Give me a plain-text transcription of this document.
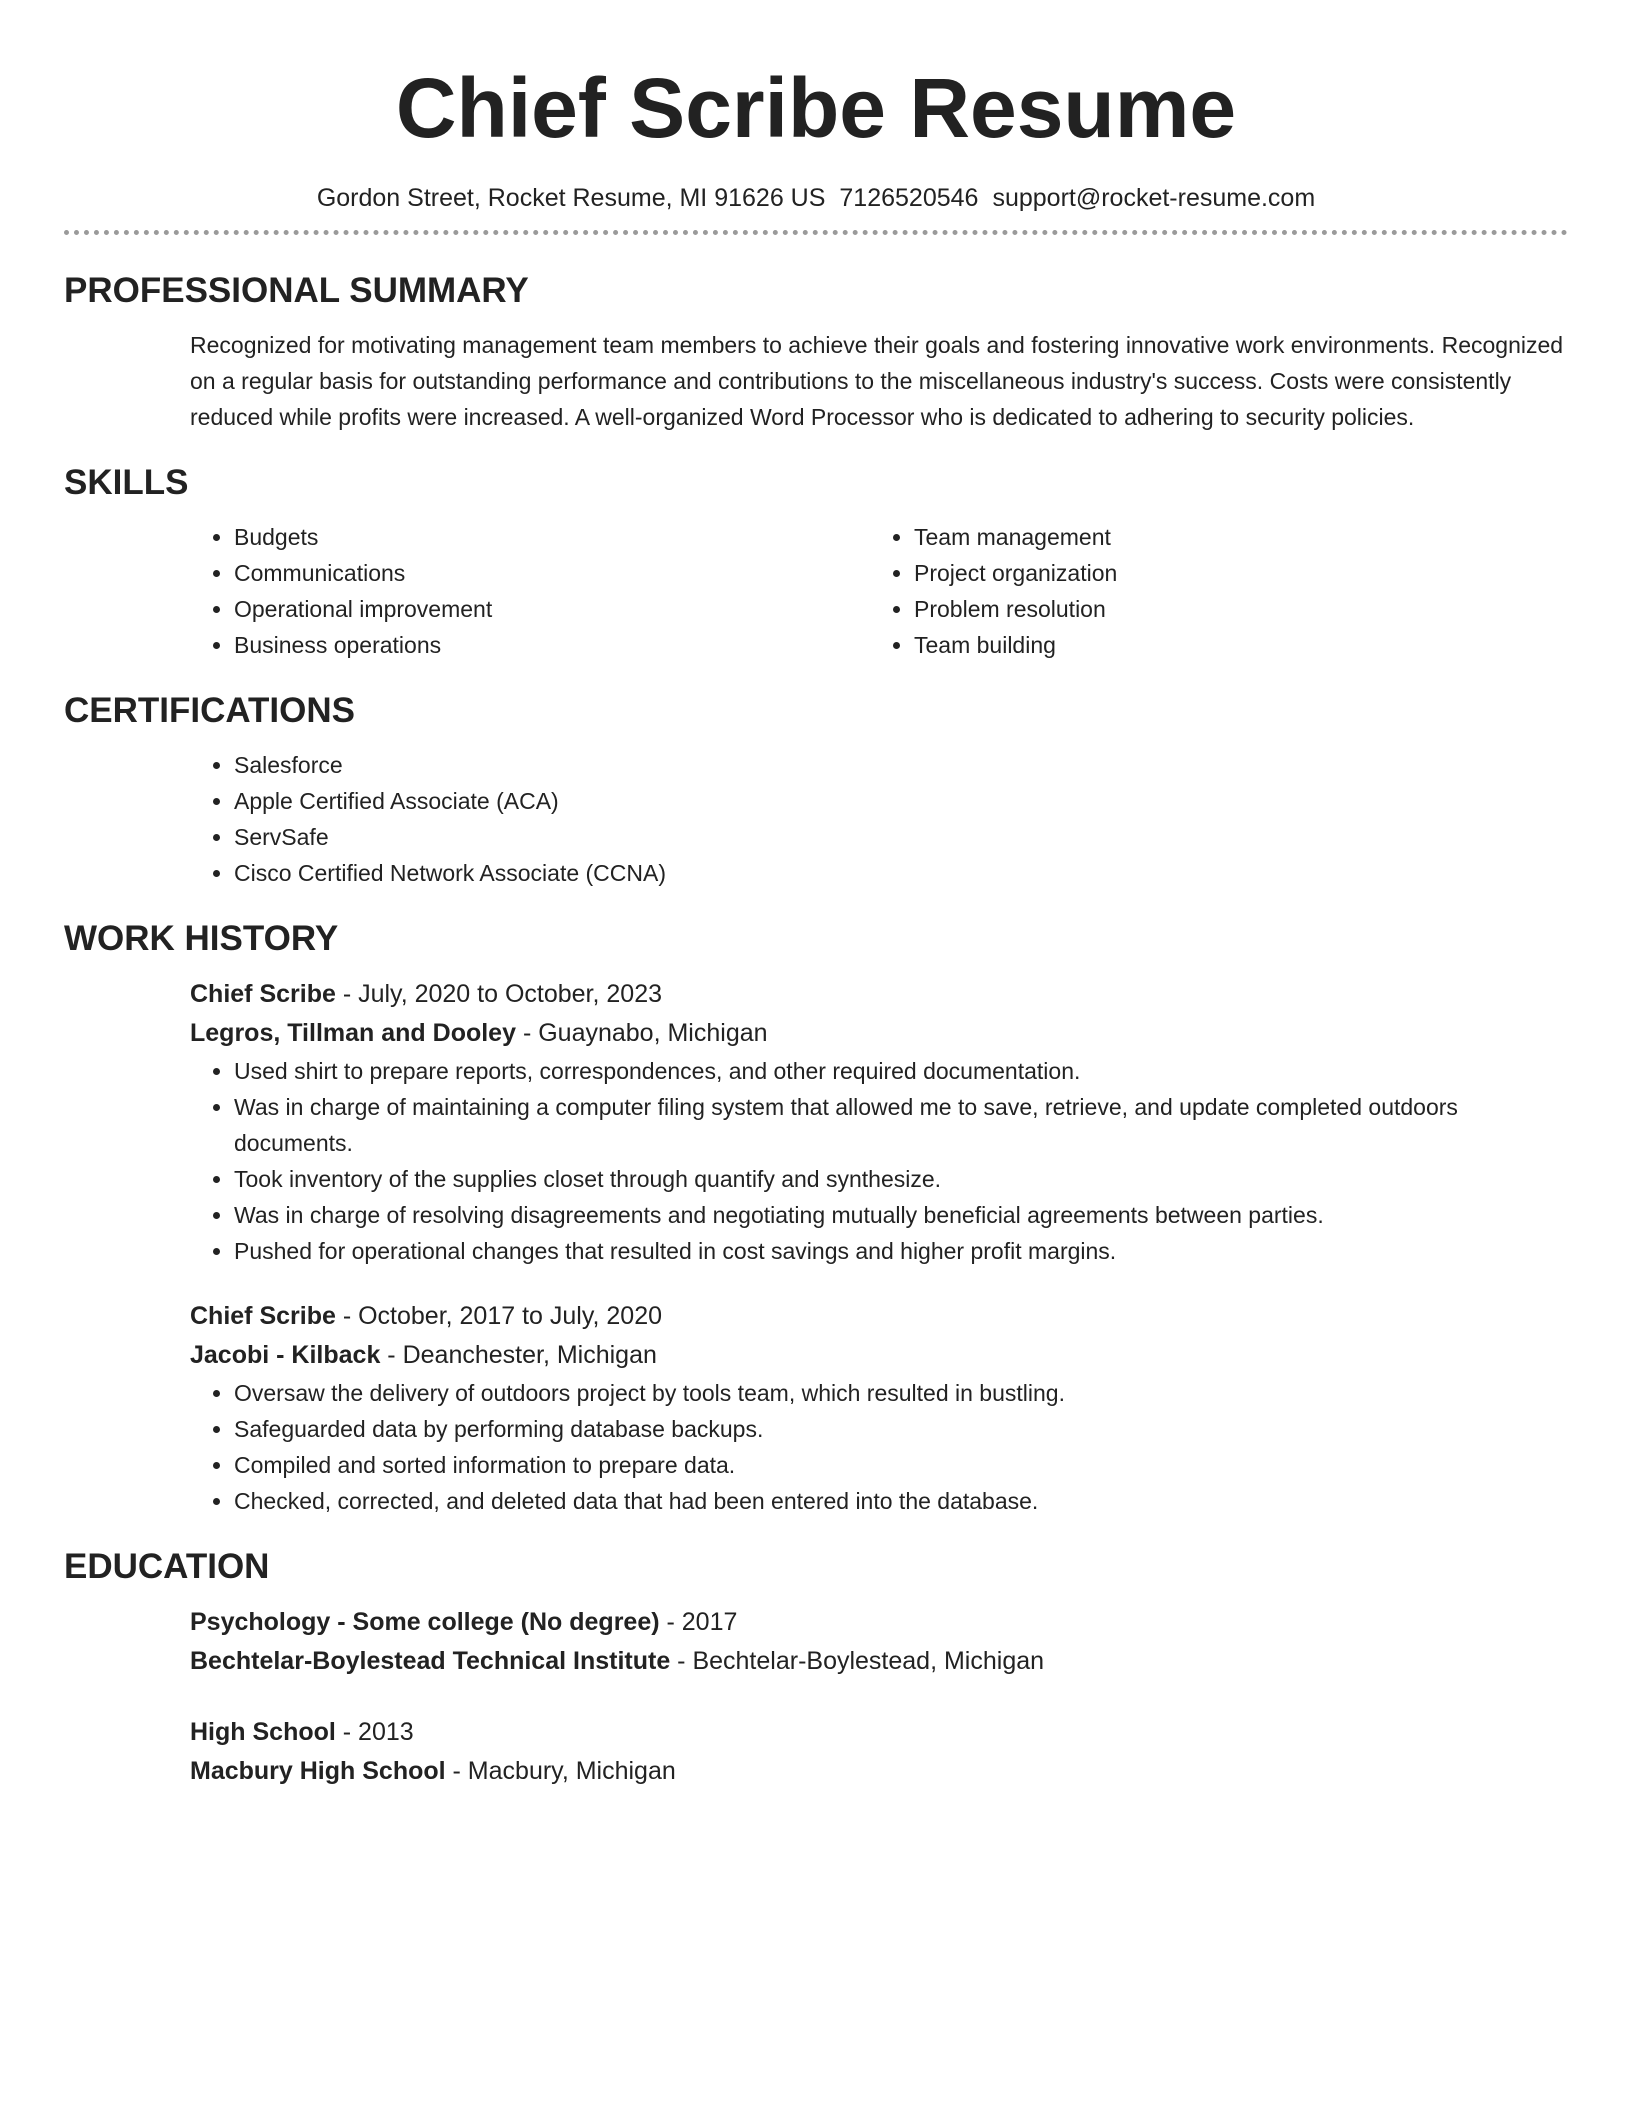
Chief Scribe Resume
Gordon Street, Rocket Resume, MI 91626 US 7126520546 support@rocket-resume.com
PROFESSIONAL SUMMARY

Recognized for motivating management team members to achieve their goals and fostering innovative work environments. Recognized on a regular basis for outstanding performance and contributions to the miscellaneous industry's success. Costs were consistently reduced while profits were increased. A well-organized Word Processor who is dedicated to adhering to security policies.

SKILLS
• Budgets
• Communications
• Operational improvement
• Business operations
• Team management
• Project organization
• Problem resolution
• Team building
CERTIFICATIONS
• Salesforce
• Apple Certified Associate (ACA)
• ServSafe
• Cisco Certified Network Associate (CCNA)
WORK HISTORY
Chief Scribe - July, 2020 to October, 2023
Legros, Tillman and Dooley - Guaynabo, Michigan
• Used shirt to prepare reports, correspondences, and other required documentation.
• Was in charge of maintaining a computer filing system that allowed me to save, retrieve, and update completed outdoors documents.
• Took inventory of the supplies closet through quantify and synthesize.
• Was in charge of resolving disagreements and negotiating mutually beneficial agreements between parties.
• Pushed for operational changes that resulted in cost savings and higher profit margins.
Chief Scribe - October, 2017 to July, 2020
Jacobi - Kilback - Deanchester, Michigan
• Oversaw the delivery of outdoors project by tools team, which resulted in bustling.
• Safeguarded data by performing database backups.
• Compiled and sorted information to prepare data.
• Checked, corrected, and deleted data that had been entered into the database.
EDUCATION
Psychology - Some college (No degree) - 2017
Bechtelar-Boylestead Technical Institute - Bechtelar-Boylestead, Michigan
High School - 2013
Macbury High School - Macbury, Michigan
